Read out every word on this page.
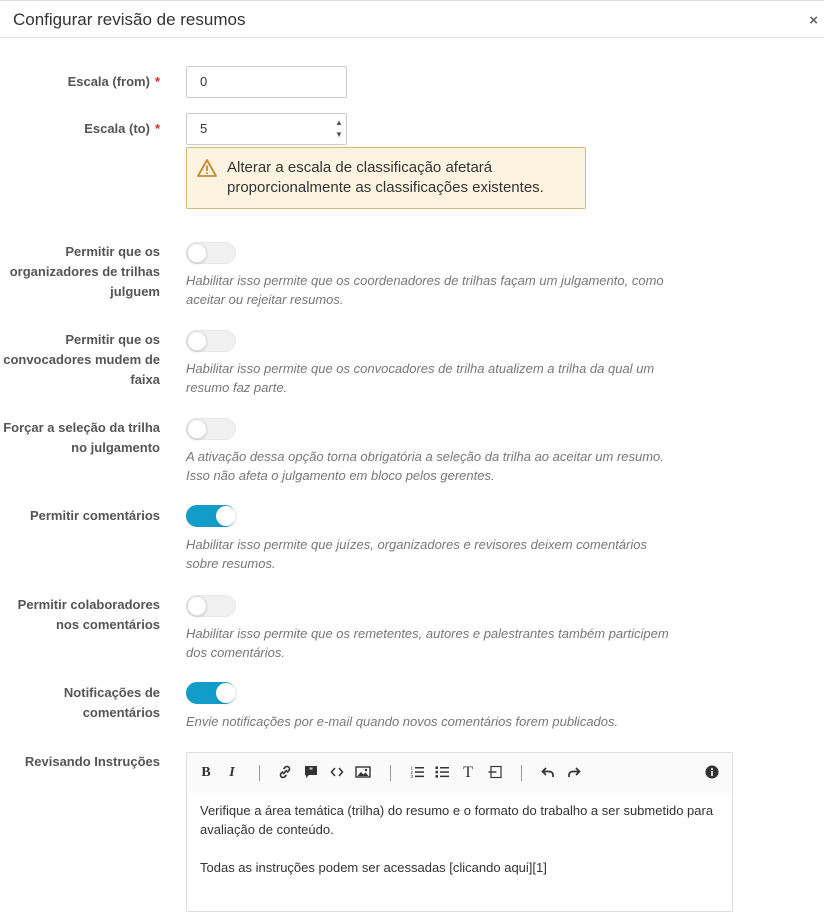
Configurar revisão de resumos	×
Escala (from) *	0
Escala (to) *	5	▲
▼
Alterar a escala de classificação afetará proporcionalmente as classificações existentes.
Permitir que os organizadores de trilhas julguem
Habilitar isso permite que os coordenadores de trilhas façam um julgamento, como aceitar ou rejeitar resumos.
Permitir que os convocadores mudem de faixa
Habilitar isso permite que os convocadores de trilha atualizem a trilha da qual um resumo faz parte.
Forçar a seleção da trilha no julgamento
A ativação dessa opção torna obrigatória a seleção da trilha ao aceitar um resumo. Isso não afeta o julgamento em bloco pelos gerentes.
Permitir comentários
Habilitar isso permite que juízes, organizadores e revisores deixem comentários sobre resumos.
Permitir colaboradores nos comentários
Habilitar isso permite que os remetentes, autores e palestrantes também participem dos comentários.
Notificações de comentários
Envie notificações por e-mail quando novos comentários forem publicados.
Revisando Instruções
B	I	"	1
2
3	T

Verifique a área temática (trilha) do resumo e o formato do trabalho a ser submetido para avaliação de conteúdo.

Todas as instruções podem ser acessadas [clicando aqui][1]
